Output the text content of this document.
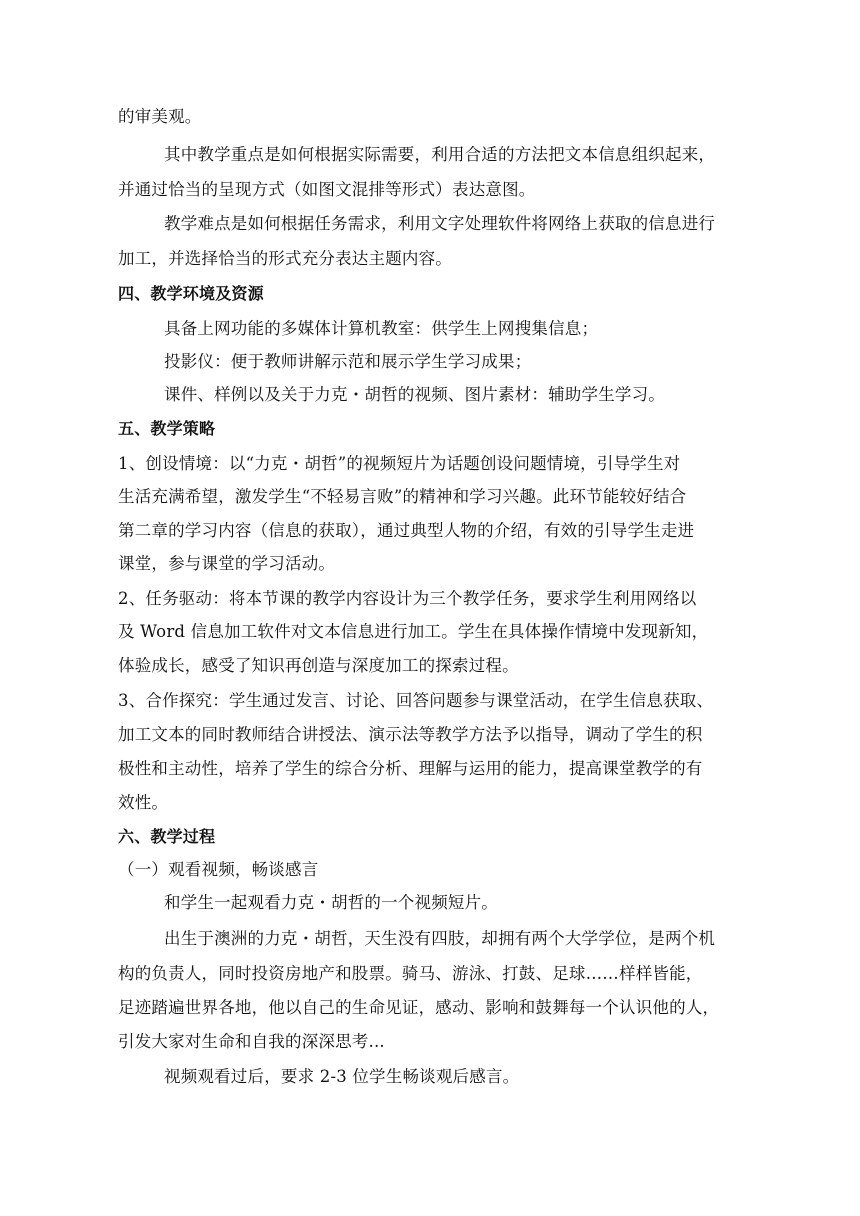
的审美观。
其中教学重点是如何根据实际需要，利用合适的方法把文本信息组织起来，
并通过恰当的呈现方式（如图文混排等形式）表达意图。
教学难点是如何根据任务需求，利用文字处理软件将网络上获取的信息进行
加工，并选择恰当的形式充分表达主题内容。
四、教学环境及资源
具备上网功能的多媒体计算机教室：供学生上网搜集信息；
投影仪：便于教师讲解示范和展示学生学习成果；
课件、样例以及关于力克・胡哲的视频、图片素材：辅助学生学习。
五、教学策略
1、创设情境：以“力克・胡哲”的视频短片为话题创设问题情境，引导学生对
生活充满希望，激发学生“不轻易言败”的精神和学习兴趣。此环节能较好结合
第二章的学习内容（信息的获取），通过典型人物的介绍，有效的引导学生走进
课堂，参与课堂的学习活动。
2、任务驱动：将本节课的教学内容设计为三个教学任务，要求学生利用网络以
及 Word 信息加工软件对文本信息进行加工。学生在具体操作情境中发现新知，
体验成长，感受了知识再创造与深度加工的探索过程。
3、合作探究：学生通过发言、讨论、回答问题参与课堂活动，在学生信息获取、
加工文本的同时教师结合讲授法、演示法等教学方法予以指导，调动了学生的积
极性和主动性，培养了学生的综合分析、理解与运用的能力，提高课堂教学的有
效性。
六、教学过程
（一）观看视频，畅谈感言
和学生一起观看力克・胡哲的一个视频短片。
出生于澳洲的力克・胡哲，天生没有四肢，却拥有两个大学学位，是两个机
构的负责人，同时投资房地产和股票。骑马、游泳、打鼓、足球……样样皆能，
足迹踏遍世界各地，他以自己的生命见证，感动、影响和鼓舞每一个认识他的人，
引发大家对生命和自我的深深思考...
视频观看过后，要求 2-3 位学生畅谈观后感言。
